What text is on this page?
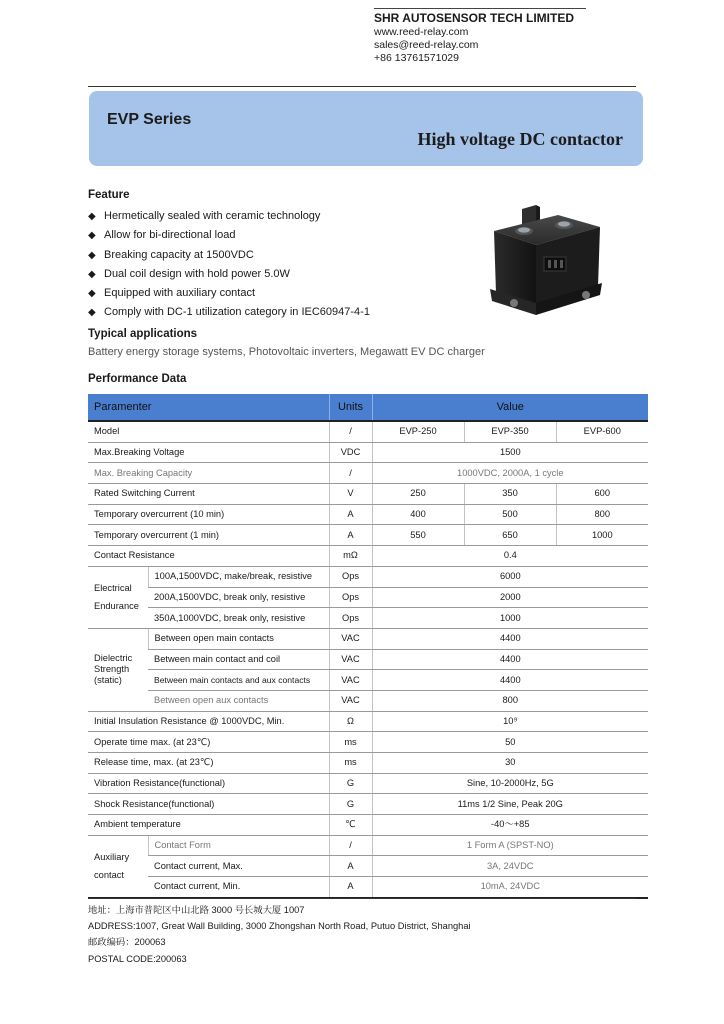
SHR AUTOSENSOR TECH LIMITED
www.reed-relay.com
sales@reed-relay.com
+86 13761571029
EVP Series
High voltage DC contactor
Feature
◆ Hermetically sealed with ceramic technology
◆ Allow for bi-directional load
◆ Breaking capacity at 1500VDC
◆ Dual coil design with hold power 5.0W
◆ Equipped with auxiliary contact
◆ Comply with DC-1 utilization category in IEC60947-4-1
Typical applications
Battery energy storage systems, Photovoltaic inverters, Megawatt EV DC charger
Performance Data
Paramenter		Units	Value		
Model		/	EVP-250	EVP-350	EVP-600
Max.Breaking Voltage		VDC	1500		
Max. Breaking Capacity		/	1000VDC, 2000A, 1 cycle		
Rated Switching Current		V	250	350	600
Temporary overcurrent (10 min)		A	400	500	800
Temporary overcurrent (1 min)		A	550	650	1000
Contact Resistance		mΩ	0.4		

Electrical
Endurance	100A,1500VDC, make/break, resistive	Ops	6000		
	200A,1500VDC, break only, resistive	Ops	2000		
	350A,1000VDC, break only, resistive	Ops	1000		

Dielectric
Strength
(static)	Between open main contacts	VAC	4400		
	Between main contact and coil	VAC	4400		
	Between main contacts and aux contacts	VAC	4400		
	Between open aux contacts	VAC	800		
Initial Insulation Resistance @ 1000VDC, Min.		Ω	10⁹		
Operate time max. (at 23℃)		ms	50		
Release time, max. (at 23℃)		ms	30		
Vibration Resistance(functional)		G	Sine, 10-2000Hz, 5G		
Shock Resistance(functional)		G	11ms 1/2 Sine, Peak 20G		
Ambient temperature		℃	-40～+85		

Auxiliary
contact	Contact Form	/	1 Form A (SPST-NO)		
	Contact current, Max.	A	3A, 24VDC		
	Contact current, Min.	A	10mA, 24VDC		
地址：上海市普陀区中山北路 3000 号长城大厦 1007
ADDRESS:1007, Great Wall Building, 3000 Zhongshan North Road, Putuo District, Shanghai
邮政编码：200063
POSTAL CODE:200063
